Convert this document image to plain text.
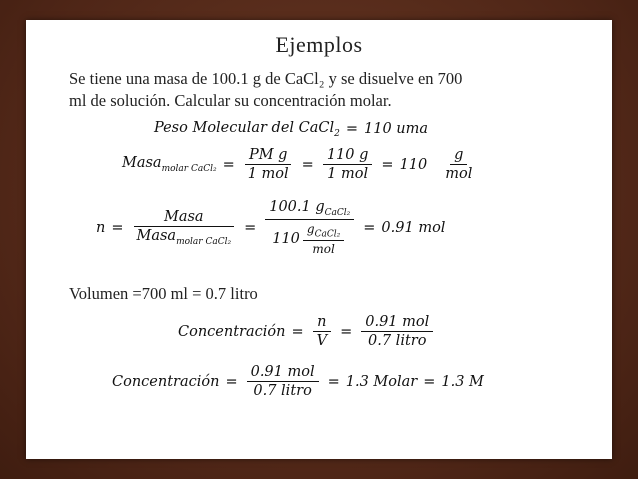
Ejemplos
Se tiene una masa de 100.1 g de CaCl₂ y se disuelve en 700
ml de solución. Calcular su concentración molar.
Peso Molecular del CaCl$_2$ = 110 uma
Masa$_{molar CaCl_2}$ = $\frac{\text{PM g}}{\text{1 mol}} = \frac{110 g}{\text{1 mol}} = 110 \frac{g}{\text{mol}}$
$n = \frac{\text{Masa}}{Masa_{molar CaCl_2}} = \frac{100.1 g_{CaCl_2}}{110 \frac{g_{CaCl_2}}{\text{mol}}} = 0.91$ mol
Volumen =700 ml = 0.7 litro
Concentración = $\frac{n}{V} = \frac{\text{0.91 mol}}{\text{0.7 litro}}$
Concentración = $\frac{\text{0.91 mol}}{\text{0.7 litro}} = 1.3$ Molar = 1.3 M
